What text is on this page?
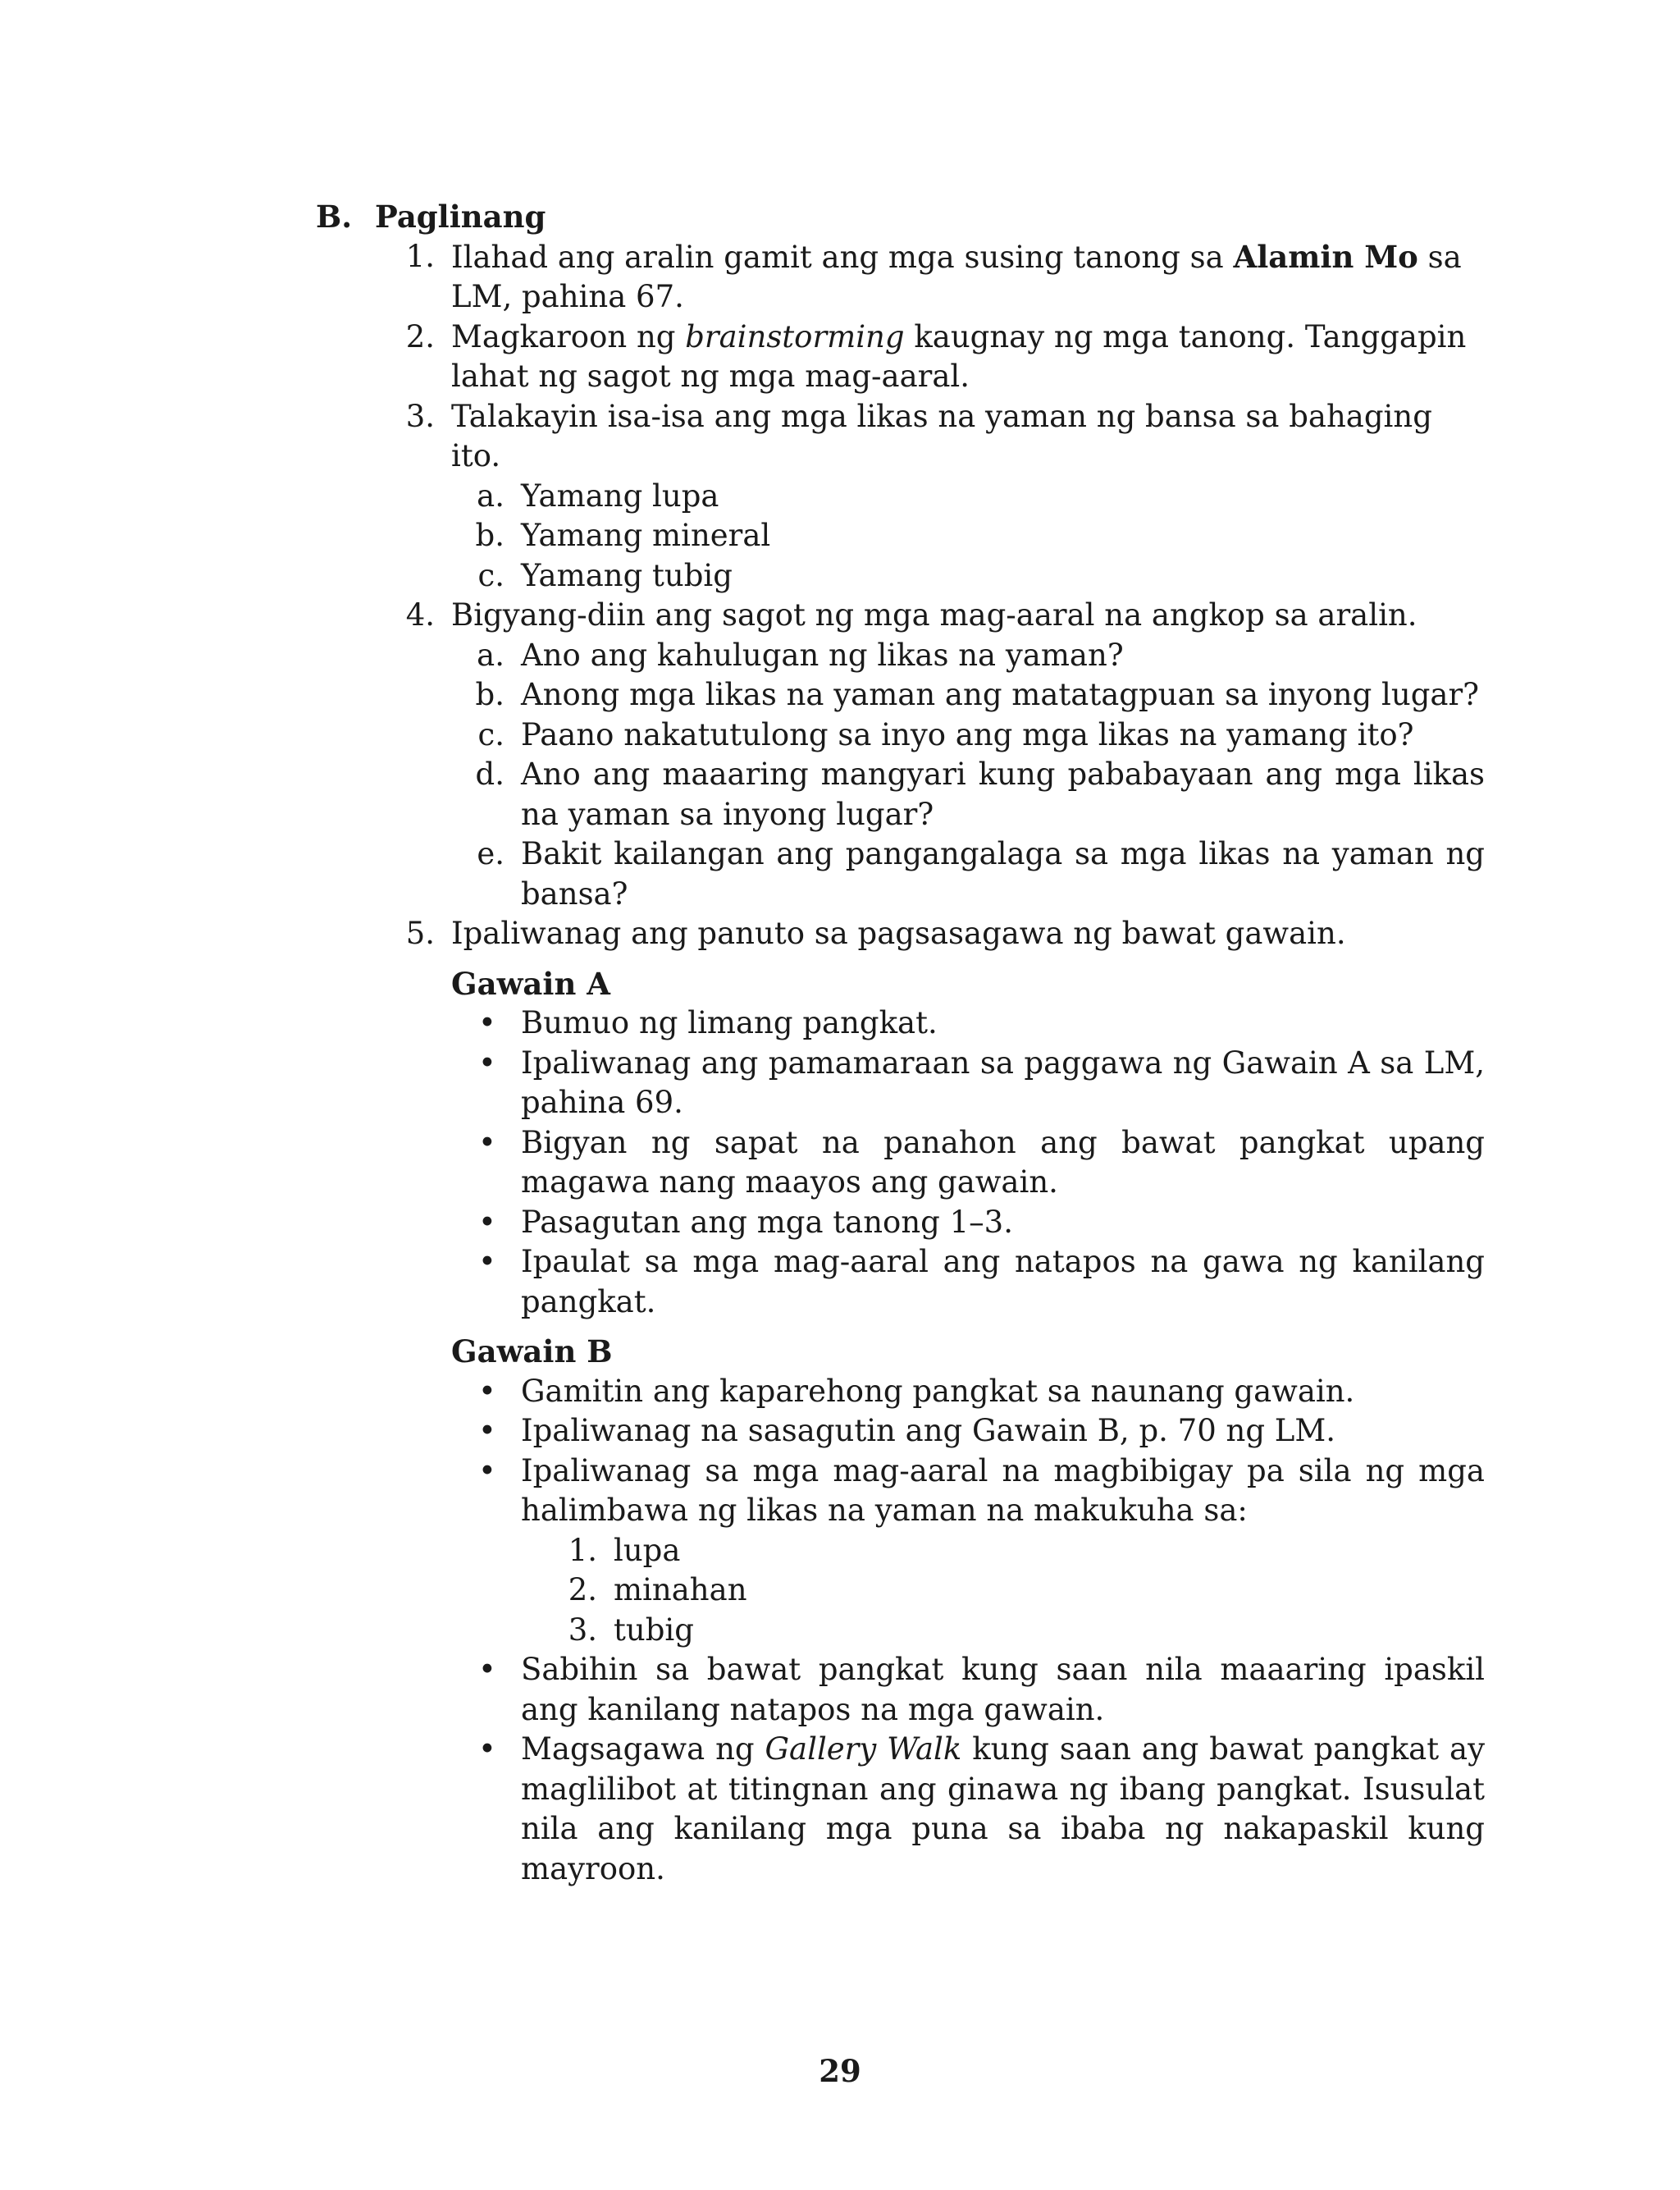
B. Paglinang
1. Ilahad ang aralin gamit ang mga susing tanong sa Alamin Mo sa LM, pahina 67.
2. Magkaroon ng brainstorming kaugnay ng mga tanong. Tanggapin lahat ng sagot ng mga mag-aaral.
3. Talakayin isa-isa ang mga likas na yaman ng bansa sa bahaging ito.
a. Yamang lupa
b. Yamang mineral
c. Yamang tubig
4. Bigyang-diin ang sagot ng mga mag-aaral na angkop sa aralin.
a. Ano ang kahulugan ng likas na yaman?
b. Anong mga likas na yaman ang matatagpuan sa inyong lugar?
c. Paano nakatutulong sa inyo ang mga likas na yamang ito?
d. Ano ang maaaring mangyari kung pababayaan ang mga likas na yaman sa inyong lugar?
e. Bakit kailangan ang pangangalaga sa mga likas na yaman ng bansa?
5. Ipaliwanag ang panuto sa pagsasagawa ng bawat gawain.
Gawain A
• Bumuo ng limang pangkat.
• Ipaliwanag ang pamamaraan sa paggawa ng Gawain A sa LM, pahina 69.
• Bigyan ng sapat na panahon ang bawat pangkat upang magawa nang maayos ang gawain.
• Pasagutan ang mga tanong 1–3.
• Ipaulat sa mga mag-aaral ang natapos na gawa ng kanilang pangkat.
Gawain B
• Gamitin ang kaparehong pangkat sa naunang gawain.
• Ipaliwanag na sasagutin ang Gawain B, p. 70 ng LM.
• Ipaliwanag sa mga mag-aaral na magbibigay pa sila ng mga halimbawa ng likas na yaman na makukuha sa:
1. lupa
2. minahan
3. tubig
• Sabihin sa bawat pangkat kung saan nila maaaring ipaskil ang kanilang natapos na mga gawain.
• Magsagawa ng Gallery Walk kung saan ang bawat pangkat ay maglilibot at titingnan ang ginawa ng ibang pangkat. Isusulat nila ang kanilang mga puna sa ibaba ng nakapaskil kung mayroon.
29
